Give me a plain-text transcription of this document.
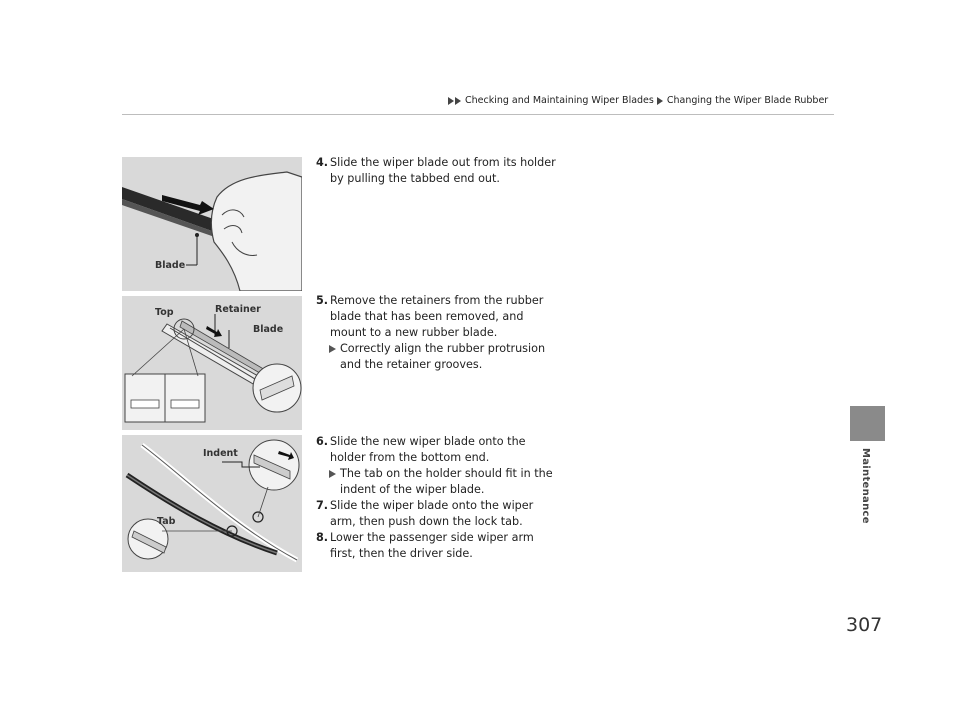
Checking and Maintaining Wiper Blades Changing the Wiper Blade Rubber
Maintenance
Blade
Top	Retainer
Blade
Indent
Tab
4. Slide the wiper blade out from its holder by pulling the tabbed end out.
5. Remove the retainers from the rubber blade that has been removed, and mount to a new rubber blade.
Correctly align the rubber protrusion and the retainer grooves.
6. Slide the new wiper blade onto the holder from the bottom end.
The tab on the holder should fit in the indent of the wiper blade.
7. Slide the wiper blade onto the wiper arm, then push down the lock tab.
8. Lower the passenger side wiper arm first, then the driver side.
307
